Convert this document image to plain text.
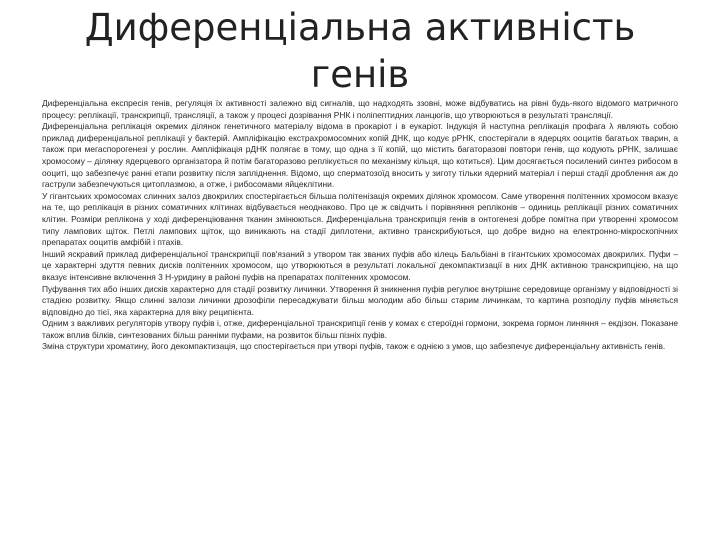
Диференціальна активність
генів

Диференціальна експресія генів, регуляція їх активності залежно від сигналів, що надходять ззовні, може відбуватись на рівні будь-якого відомого матричного процесу: реплікації, транскрипції, трансляції, а також у процесі дозрівання РНК і поліпептидних ланцюгів, що утворюються в результаті трансляції.

Диференціальна реплікація окремих ділянок генетичного матеріалу відома в прокаріот і в еукаріот. Індукція й наступна реплікація профага λ являють собою приклад диференціальної реплікації у бактерій. Ампліфікацію екстрахромосомних копій ДНК, що кодує рРНК, спостерігали в ядерцях ооцитів багатьох тварин, а також при мегаспорогенезі у рослин. Ампліфікація рДНК полягає в тому, що одна з її копій, що містить багаторазові повтори генів, що кодують рРНК, залишає хромосому – ділянку ядерцевого організатора й потім багаторазово реплікується по механізму кільця, що котиться). Цим досягається посилений синтез рибосом в ооциті, що забезпечує ранні етапи розвитку після запліднення. Відомо, що сперматозоїд вносить у зиготу тільки ядерний матеріал і перші стадії дроблення аж до гаструли забезпечуються цитоплазмою, а отже, і рибосомами яйцеклітини.

У гігантських хромосомах слинних залоз двокрилих спостерігається більша політенізація окремих ділянок хромосом. Саме утворення політенних хромосом вказує на те, що реплікація в різних соматичних клітинах відбувається неоднаково. Про це ж свідчить і порівняння репліконів – одиниць реплікації різних соматичних клітин. Розміри реплікона у ході диференціювання тканин змінюються. Диференціальна транскрипція генів в онтогенезі добре помітна при утворенні хромосом типу лампових щіток. Петлі лампових щіток, що виникають на стадії диплотени, активно транскрибуються, що добре видно на електронно-мікроскопічних препаратах ооцитів амфібій і птахів.

Інший яскравий приклад диференціальної транскрипції пов'язаний з утвором так званих пуфів або кілець Бальбіані в гігантських хромосомах двокрилих. Пуфи – це характерні здуття певних дисків політенних хромосом, що утворюються в результаті локальної декомпактизації в них ДНК активною транскрипцією, на що вказує інтенсивне включення 3 Н-уридину в районі пуфів на препаратах політенних хромосом.

Пуфування тих або інших дисків характерно для стадії розвитку личинки. Утворення й зникнення пуфів регулює внутрішнє середовище організму у відповідності зі стадією розвитку. Якщо слинні залози личинки дрозофіли пересаджувати більш молодим або більш старим личинкам, то картина розподілу пуфів міняється відповідно до тієї, яка характерна для віку реципієнта.

Одним з важливих регуляторів утвору пуфів і, отже, диференціальної транскрипції генів у комах є стероїдні гормони, зокрема гормон линяння – екдізон. Показане також вплив білків, синтезованих більш ранніми пуфами, на розвиток більш пізніх пуфів.

Зміна структури хроматину, його декомпактизація, що спостерігається при утворі пуфів, також є однією з умов, що забезпечує диференціальну активність генів.
